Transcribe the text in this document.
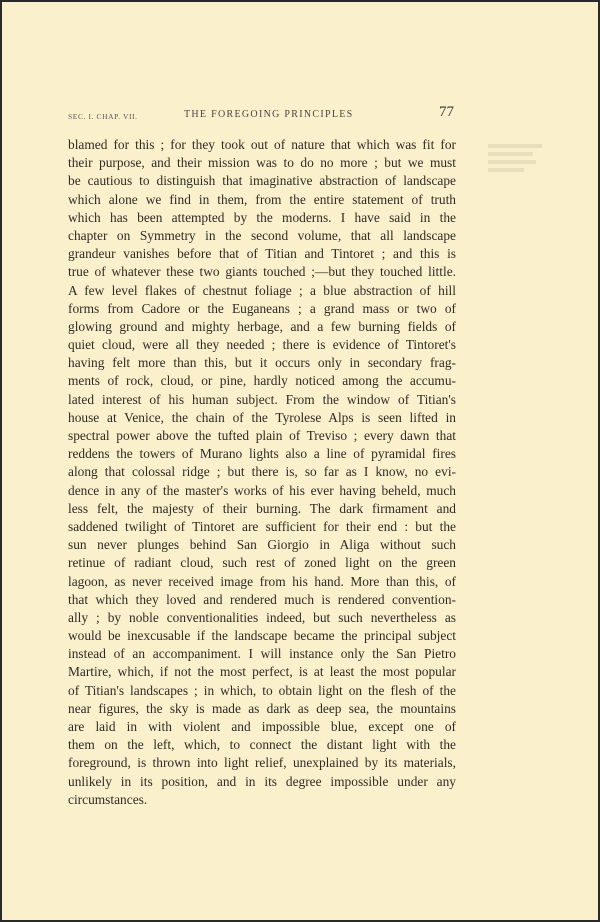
SEC. I. CHAP. VII.	THE FOREGOING PRINCIPLES	77
blamed for this ; for they took out of nature that which was fit for
their purpose, and their mission was to do no more ; but we must
be cautious to distinguish that imaginative abstraction of landscape
which alone we find in them, from the entire statement of truth
which has been attempted by the moderns. I have said in the
chapter on Symmetry in the second volume, that all landscape
grandeur vanishes before that of Titian and Tintoret ; and this is
true of whatever these two giants touched ;—but they touched little.
A few level flakes of chestnut foliage ; a blue abstraction of hill
forms from Cadore or the Euganeans ; a grand mass or two of
glowing ground and mighty herbage, and a few burning fields of
quiet cloud, were all they needed ; there is evidence of Tintoret's
having felt more than this, but it occurs only in secondary frag-
ments of rock, cloud, or pine, hardly noticed among the accumu-
lated interest of his human subject. From the window of Titian's
house at Venice, the chain of the Tyrolese Alps is seen lifted in
spectral power above the tufted plain of Treviso ; every dawn that
reddens the towers of Murano lights also a line of pyramidal fires
along that colossal ridge ; but there is, so far as I know, no evi-
dence in any of the master's works of his ever having beheld, much
less felt, the majesty of their burning. The dark firmament and
saddened twilight of Tintoret are sufficient for their end : but the
sun never plunges behind San Giorgio in Aliga without such
retinue of radiant cloud, such rest of zoned light on the green
lagoon, as never received image from his hand. More than this, of
that which they loved and rendered much is rendered convention-
ally ; by noble conventionalities indeed, but such nevertheless as
would be inexcusable if the landscape became the principal subject
instead of an accompaniment. I will instance only the San Pietro
Martire, which, if not the most perfect, is at least the most popular
of Titian's landscapes ; in which, to obtain light on the flesh of the
near figures, the sky is made as dark as deep sea, the mountains
are laid in with violent and impossible blue, except one of
them on the left, which, to connect the distant light with the
foreground, is thrown into light relief, unexplained by its materials,
unlikely in its position, and in its degree impossible under any
circumstances.
